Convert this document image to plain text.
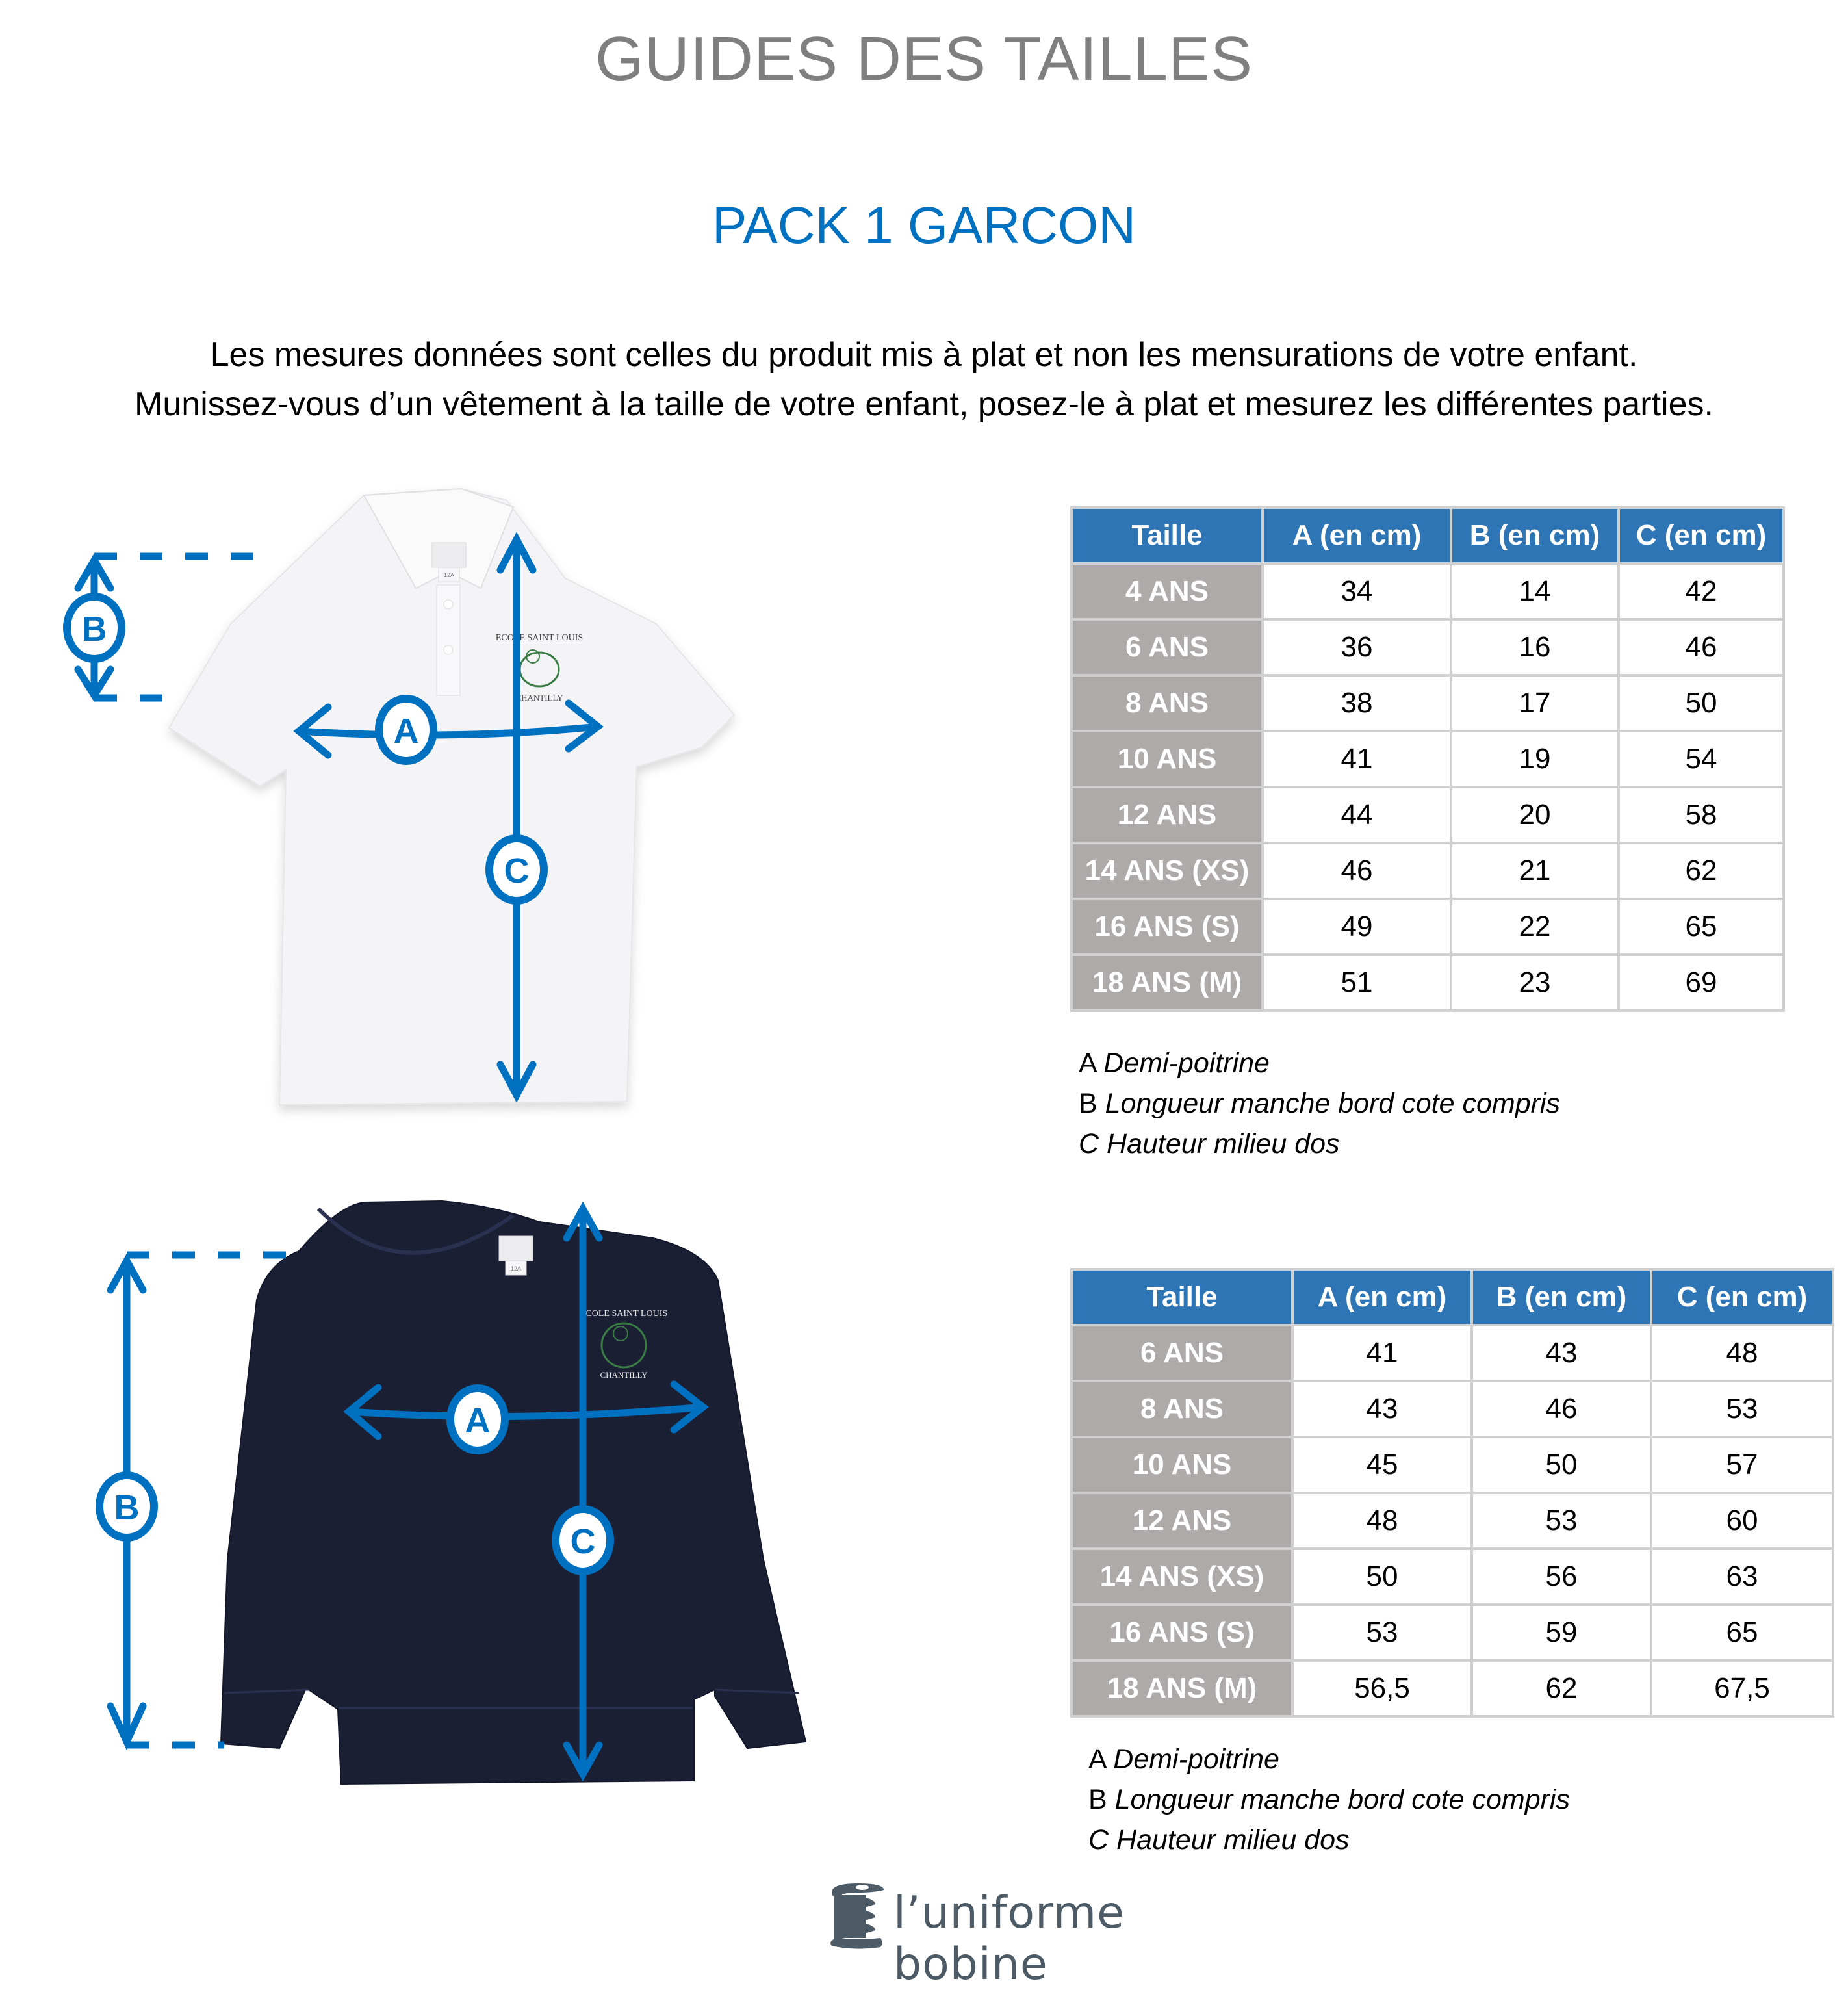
GUIDES DES TAILLES
PACK 1 GARCON
Les mesures données sont celles du produit mis à plat et non les mensurations de votre enfant.
Munissez-vous d’un vêtement à la taille de votre enfant, posez-le à plat et mesurez les différentes parties.
12A
ECOLE SAINT LOUIS
CHANTILLY
B
A
C
12A
ECOLE SAINT LOUIS
CHANTILLY
B
A
C
Taille	A (en cm)	B (en cm)	C (en cm)
4 ANS	34	14	42
6 ANS	36	16	46
8 ANS	38	17	50
10 ANS	41	19	54
12 ANS	44	20	58
14 ANS (XS)	46	21	62
16 ANS (S)	49	22	65
18 ANS (M)	51	23	69
A Demi-poitrine
B Longueur manche bord cote compris
C Hauteur milieu dos
Taille	A (en cm)	B (en cm)	C (en cm)
6 ANS	41	43	48
8 ANS	43	46	53
10 ANS	45	50	57
12 ANS	48	53	60
14 ANS (XS)	50	56	63
16 ANS (S)	53	59	65
18 ANS (M)	56,5	62	67,5
A Demi-poitrine
B Longueur manche bord cote compris
C Hauteur milieu dos
l’uniforme bobine
